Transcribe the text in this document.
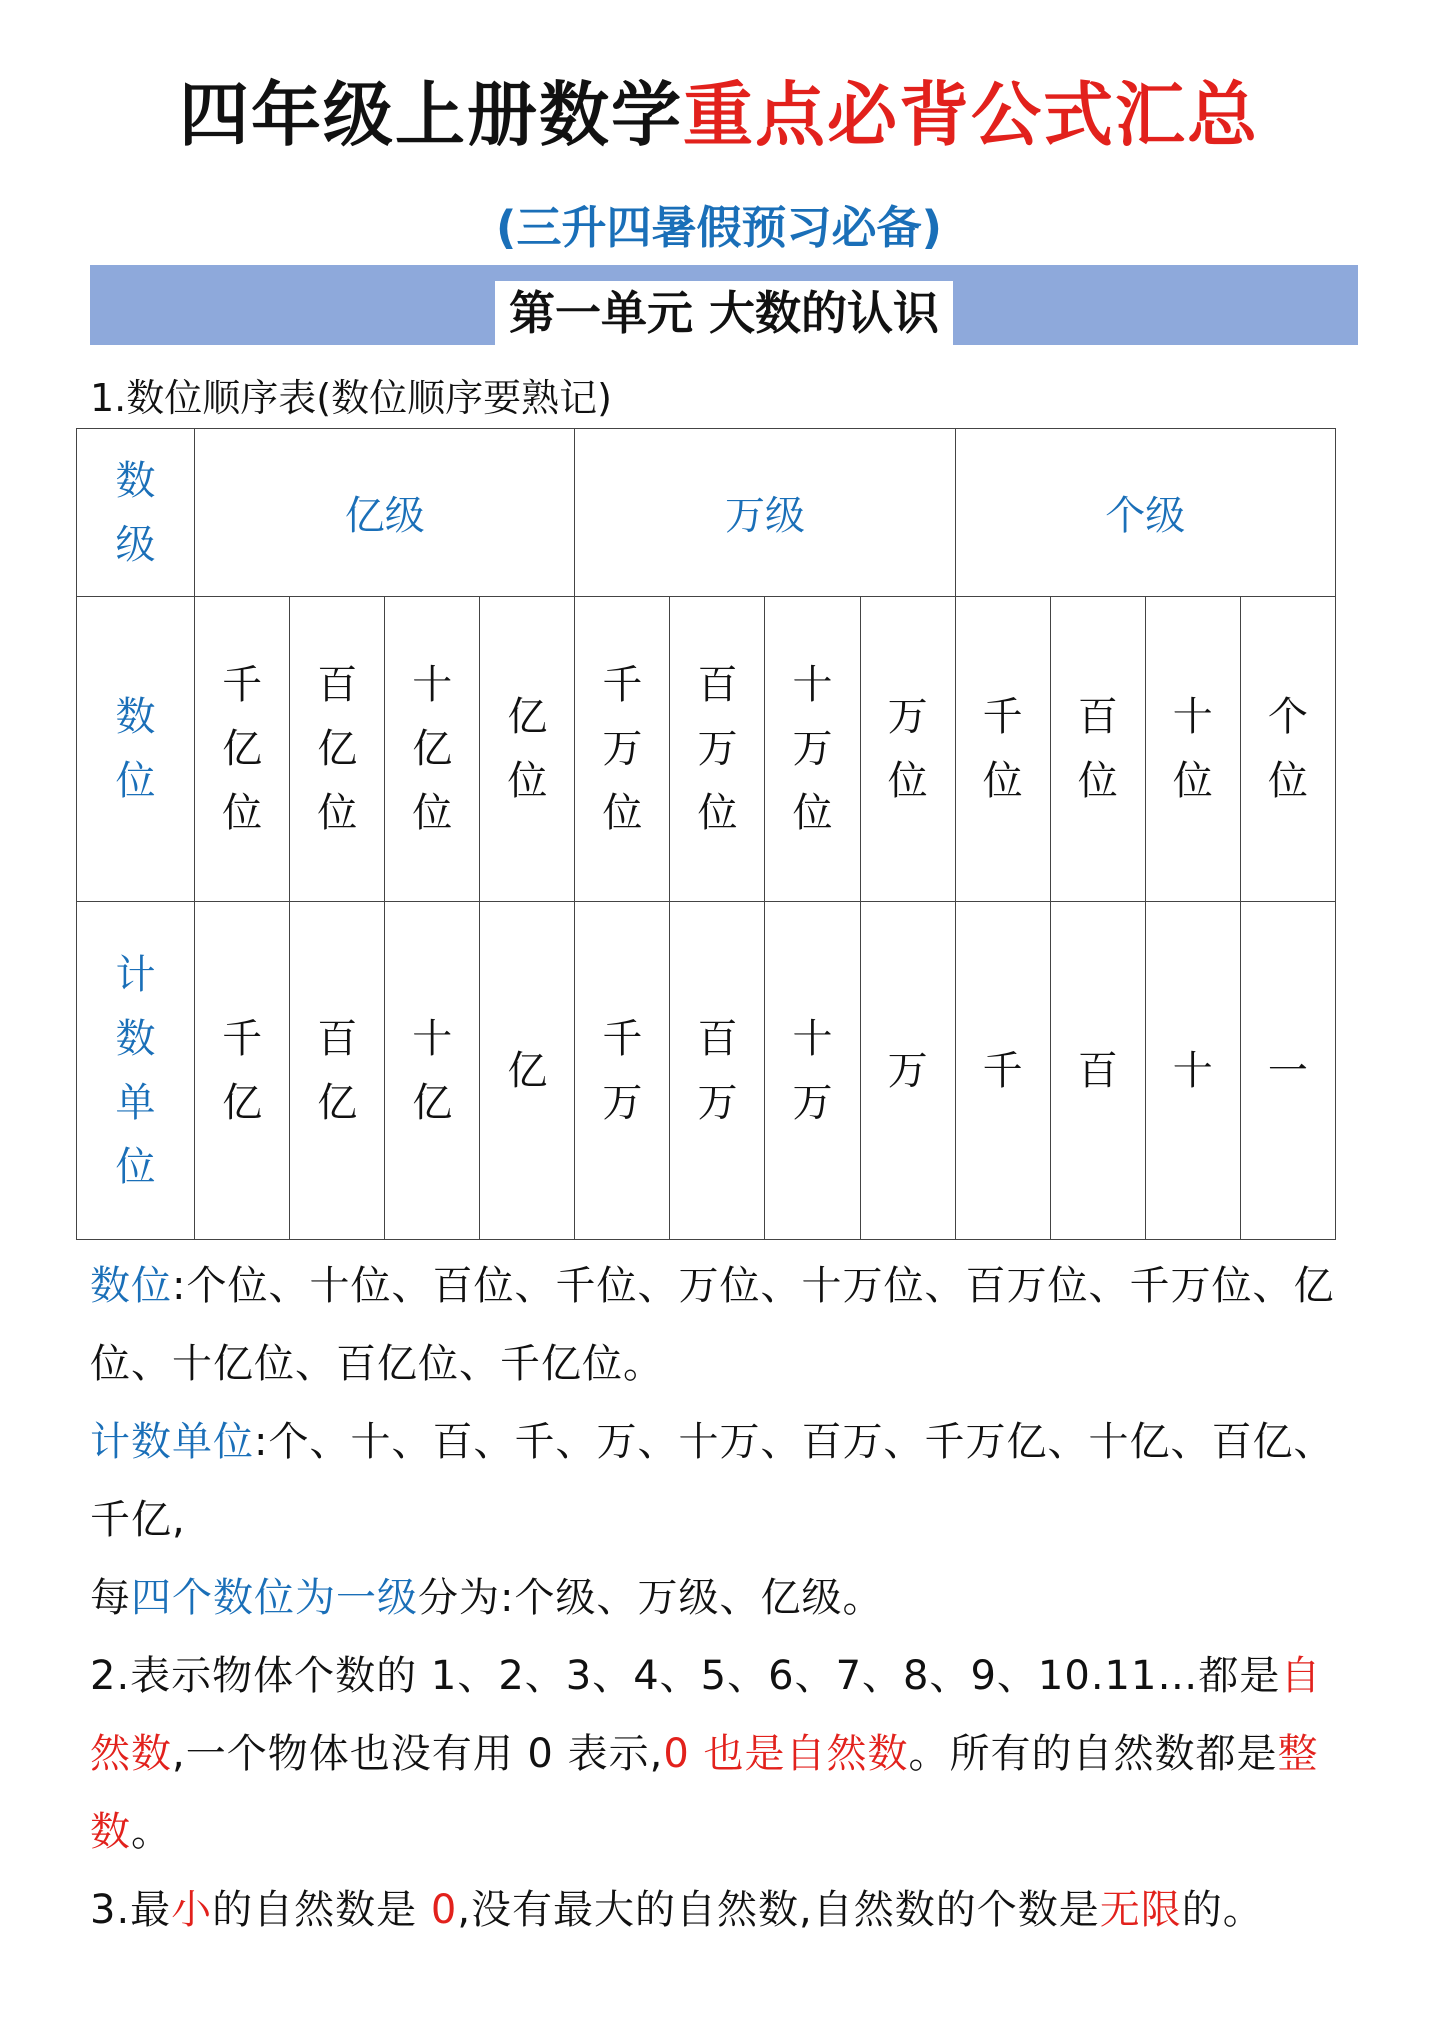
四年级上册数学重点必背公式汇总
(三升四暑假预习必备)
第一单元 大数的认识
1.数位顺序表(数位顺序要熟记)
数级	亿级				万级				个级			
数位	千亿位	百亿位	十亿位	亿位	千万位	百万位	十万位	万位	千位	百位	十位	个位
计数单位	千亿	百亿	十亿	亿	千万	百万	十万	万	千	百	十	一
数位:个位、十位、百位、千位、万位、十万位、百万位、千万位、亿位、十亿位、百亿位、千亿位。
计数单位:个、十、百、千、万、十万、百万、千万亿、十亿、百亿、千亿,
每四个数位为一级分为:个级、万级、亿级。
2.表示物体个数的 1、2、3、4、5、6、7、8、9、10.11…都是自然数,一个物体也没有用 0 表示,0 也是自然数。所有的自然数都是整数。
3.最小的自然数是 0,没有最大的自然数,自然数的个数是无限的。
